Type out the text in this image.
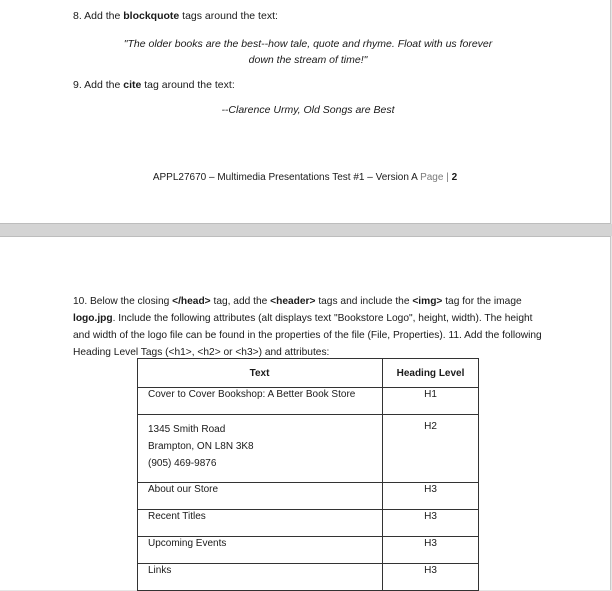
8. Add the blockquote tags around the text:
"The older books are the best--how tale, quote and rhyme. Float with us forever
down the stream of time!"
9. Add the cite tag around the text:
--Clarence Urmy, Old Songs are Best
APPL27670 – Multimedia Presentations Test #1 – Version A Page | 2
10. Below the closing </head> tag, add the <header> tags and include the <img> tag for the image logo.jpg. Include the following attributes (alt displays text "Bookstore Logo", height, width). The height and width of the logo file can be found in the properties of the file (File, Properties). 11. Add the following Heading Level Tags (<h1>, <h2> or <h3>) and attributes:
Text	Heading Level
Cover to Cover Bookshop: A Better Book Store	H1

1345 Smith Road
Brampton, ON L8N 3K8
(905) 469-9876	H2
About our Store	H3
Recent Titles	H3
Upcoming Events	H3
Links	H3
